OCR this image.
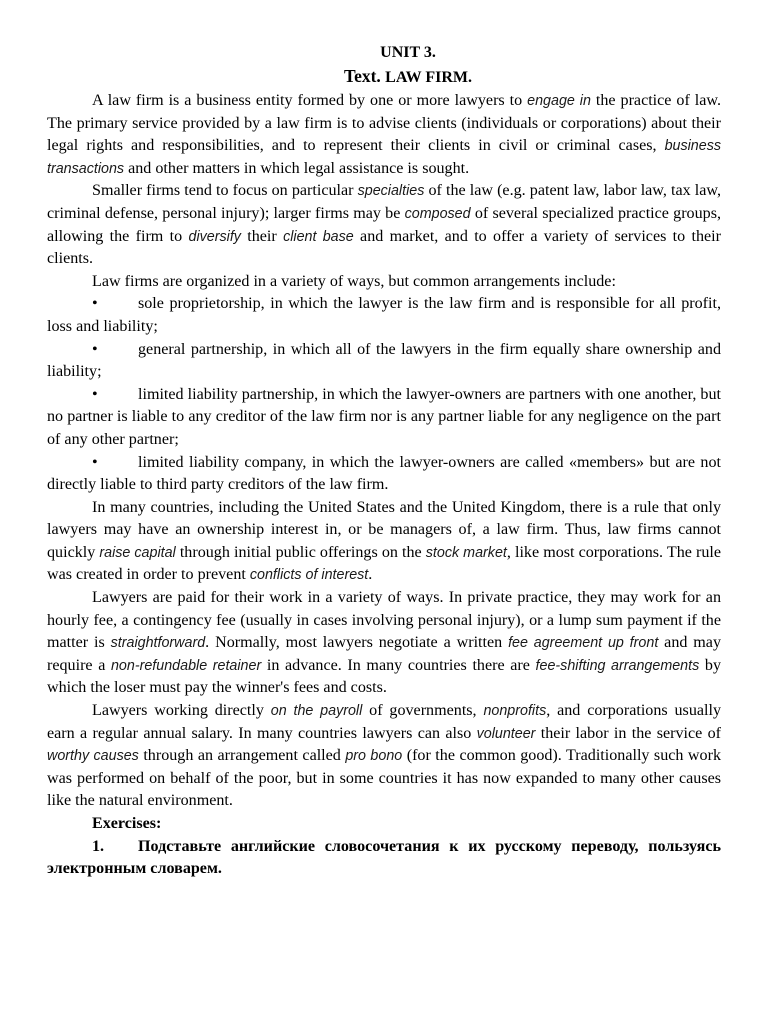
UNIT 3.
Text. LAW FIRM.

A law firm is a business entity formed by one or more lawyers to engage in the practice of law. The primary service provided by a law firm is to advise clients (individuals or corporations) about their legal rights and responsibilities, and to represent their clients in civil or criminal cases, business transactions and other matters in which legal assistance is sought.

Smaller firms tend to focus on particular specialties of the law (e.g. patent law, labor law, tax law, criminal defense, personal injury); larger firms may be composed of several specialized practice groups, allowing the firm to diversify their client base and market, and to offer a variety of services to their clients.

Law firms are organized in a variety of ways, but common arrangements include:

•	sole proprietorship, in which the lawyer is the law firm and is responsible for all profit, loss and liability;

•	general partnership, in which all of the lawyers in the firm equally share ownership and liability;

•	limited liability partnership, in which the lawyer-owners are partners with one another, but no partner is liable to any creditor of the law firm nor is any partner liable for any negligence on the part of any other partner;

•	limited liability company, in which the lawyer-owners are called «members» but are not directly liable to third party creditors of the law firm.

In many countries, including the United States and the United Kingdom, there is a rule that only lawyers may have an ownership interest in, or be managers of, a law firm. Thus, law firms cannot quickly raise capital through initial public offerings on the stock market, like most corporations. The rule was created in order to prevent conflicts of interest.

Lawyers are paid for their work in a variety of ways. In private practice, they may work for an hourly fee, a contingency fee (usually in cases involving personal injury), or a lump sum payment if the matter is straightforward. Normally, most lawyers negotiate a written fee agreement up front and may require a non-refundable retainer in advance. In many countries there are fee-shifting arrangements by which the loser must pay the winner's fees and costs.

Lawyers working directly on the payroll of governments, nonprofits, and corporations usually earn a regular annual salary. In many countries lawyers can also volunteer their labor in the service of worthy causes through an arrangement called pro bono (for the common good). Traditionally such work was performed on behalf of the poor, but in some countries it has now expanded to many other causes like the natural environment.

Exercises:

1. Подставьте английские словосочетания к их русскому переводу, пользуясь электронным словарем.
